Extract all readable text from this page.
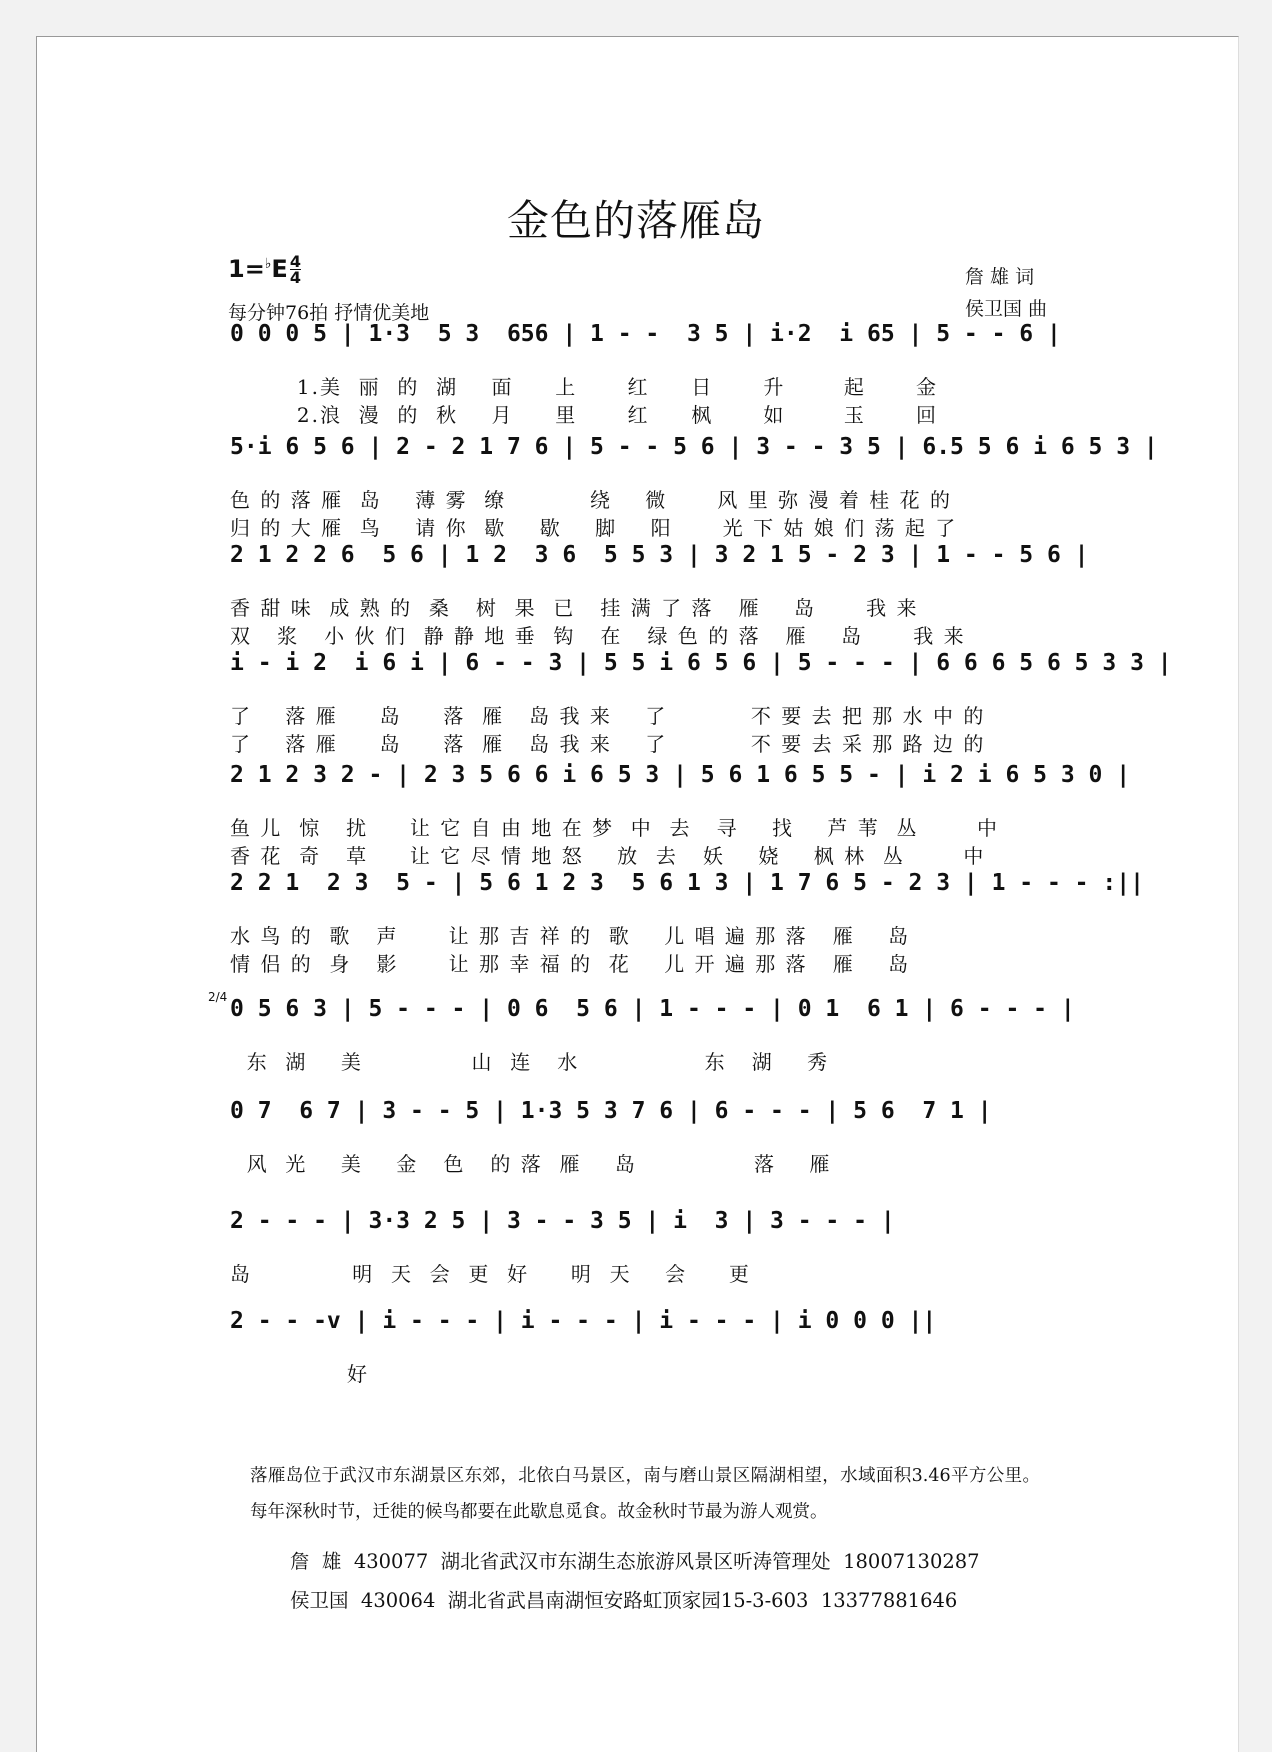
金色的落雁岛
$1=^♭E \frac{4}{4}$
每分钟76拍 抒情优美地
詹 雄 词
侯卫国 曲
0 0 0 5 | 1·3  5 3  656 | 1 - -  3 5 | i·2  i 65 | 5 - - 6 |
1.美  丽  的  湖    面     上      红     日      升       起      金
2.浪  漫  的  秋    月     里      红     枫      如       玉      回
5·i 6 5 6 | 2 - 2 1 7 6 | 5 - - 5 6 | 3 - - 3 5 | 6.5 5 6 i 6 5 3 |
色 的 落 雁  岛    薄 雾  缭          绕    微      风 里 弥 漫 着 桂 花 的
归 的 大 雁  鸟    请 你  歇    歇    脚    阳      光 下 姑 娘 们 荡 起 了
2 1 2 2 6  5 6 | 1 2  3 6  5 5 3 | 3 2 1 5 - 2 3 | 1 - - 5 6 |
香 甜 味  成 熟 的  桑   树  果  已   挂 满 了 落   雁    岛      我 来
双   浆   小 伙 们  静 静 地 垂  钩   在   绿 色 的 落   雁    岛      我 来
i - i 2  i 6 i | 6 - - 3 | 5 5 i 6 5 6 | 5 - - - | 6 6 6 5 6 5 3 3 |
了    落 雁     岛     落  雁   岛 我 来    了          不 要 去 把 那 水 中 的
了    落 雁     岛     落  雁   岛 我 来    了          不 要 去 采 那 路 边 的
2 1 2 3 2 - | 2 3 5 6 6 i 6 5 3 | 5 6 1 6 5 5 - | i 2 i 6 5 3 0 |
鱼 儿  惊   扰     让 它 自 由 地 在 梦  中  去   寻    找    芦 苇  丛       中
香 花  奇   草     让 它 尽 情 地 怒    放  去   妖    娆    枫 林  丛       中
2 2 1  2 3  5 - | 5 6 1 2 3  5 6 1 3 | 1 7 6 5 - 2 3 | 1 - - - :||
水 鸟 的  歌   声      让 那 吉 祥 的  歌    儿 唱 遍 那 落   雁    岛
情 侣 的  身   影      让 那 幸 福 的  花    儿 开 遍 那 落   雁    岛
2/4 0 5 6 3 | 5 - - - | 0 6  5 6 | 1 - - - | 0 1  6 1 | 6 - - - |
东  湖    美             山  连   水               东   湖    秀
0 7  6 7 | 3 - - 5 | 1·3 5 3 7 6 | 6 - - - | 5 6  7 1 |
风  光    美    金   色   的 落  雁    岛              落    雁
2 - - - | 3·3 2 5 | 3 - - 3 5 | i  3 | 3 - - - |
岛            明  天  会  更  好     明  天    会     更
2 - - -v | i - - - | i - - - | i - - - | i 0 0 0 ||
好
落雁岛位于武汉市东湖景区东郊，北依白马景区，南与磨山景区隔湖相望，水域面积3.46平方公里。每年深秋时节，迁徙的候鸟都要在此歇息觅食。故金秋时节最为游人观赏。
詹  雄 430077 湖北省武汉市东湖生态旅游风景区听涛管理处 18007130287
侯卫国 430064 湖北省武昌南湖恒安路虹顶家园15-3-603 13377881646
